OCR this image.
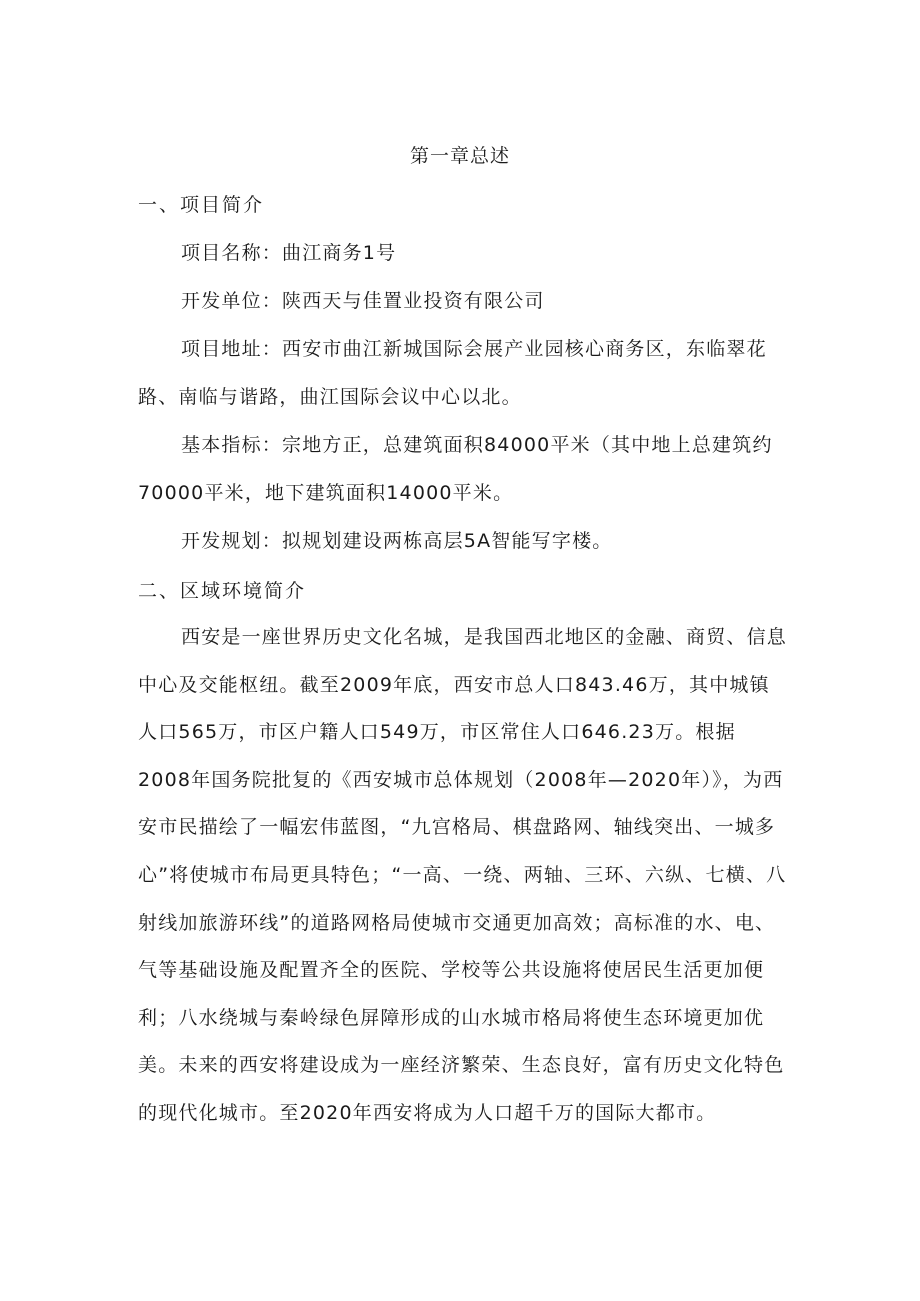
第一章总述
一、项目简介

项目名称：曲江商务1号

开发单位：陕西天与佳置业投资有限公司

项目地址：西安市曲江新城国际会展产业园核心商务区，东临翠花路、南临与谐路，曲江国际会议中心以北。

基本指标：宗地方正，总建筑面积84000平米（其中地上总建筑约70000平米，地下建筑面积14000平米。

开发规划：拟规划建设两栋高层5A智能写字楼。

二、区域环境简介

西安是一座世界历史文化名城，是我国西北地区的金融、商贸、信息中心及交能枢纽。截至2009年底，西安市总人口843.46万，其中城镇人口565万，市区户籍人口549万，市区常住人口646.23万。根据2008年国务院批复的《西安城市总体规划（2008年—2020年）》，为西安市民描绘了一幅宏伟蓝图，“九宫格局、棋盘路网、轴线突出、一城多心”将使城市布局更具特色；“一高、一绕、两轴、三环、六纵、七横、八射线加旅游环线”的道路网格局使城市交通更加高效；高标准的水、电、气等基础设施及配置齐全的医院、学校等公共设施将使居民生活更加便利；八水绕城与秦岭绿色屏障形成的山水城市格局将使生态环境更加优美。未来的西安将建设成为一座经济繁荣、生态良好，富有历史文化特色的现代化城市。至2020年西安将成为人口超千万的国际大都市。
